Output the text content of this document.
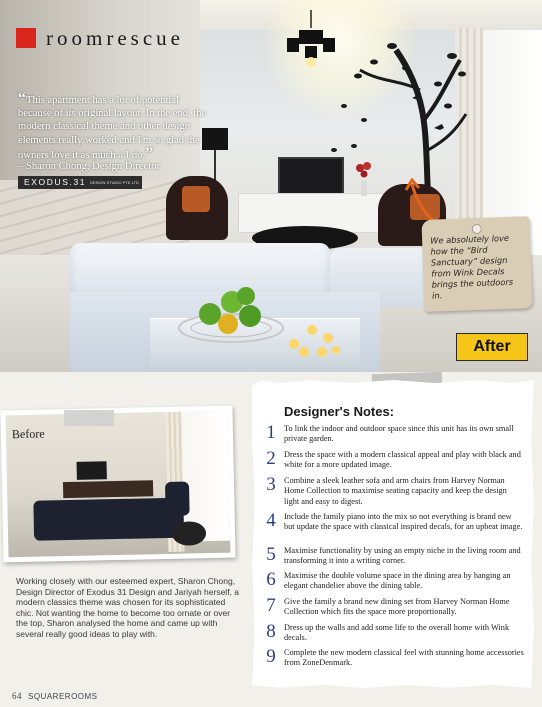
roomrescue
“This apartment has a lot of potential because of its original layout. In the end, the modern classical theme and other design elements really worked and I'm so glad the owners love it as much a I do,”
– Sharon Chong, Design Director
EXODUS.31 DESIGN STUDIO PTE LTD
We absolutely love how the “Bird Sanctuary” design from Wink Decals brings the outdoors in.
After
Before
Working closely with our esteemed expert, Sharon Chong, Design Director of Exodus 31 Design and Jariyah herself, a modern classics theme was chosen for its sophisticated chic. Not wanting the home to become too ornate or over the top, Sharon analysed the home and came up with several really good ideas to play with.
Designer's Notes:
1 To link the indoor and outdoor space since this unit has its own small private garden.
2 Dress the space with a modern classical appeal and play with black and white for a more updated image.
3 Combine a sleek leather sofa and arm chairs from Harvey Norman Home Collection to maximise seating capacity and keep the design light and easy to digest.
4 Include the family piano into the mix so not everything is brand new but update the space with classical inspired decals, for an upbeat image.
5 Maximise functionality by using an empty niche in the living room and transforming it into a writing corner.
6 Maximise the double volume space in the dining area by hanging an elegant chandelier above the dining table.
7 Give the family a brand new dining set from Harvey Norman Home Collection which fits the space more proportionally.
8 Dress up the walls and add some life to the overall home with Wink decals.
9 Complete the new modern classical feel with stunning home accessories from ZoneDenmark.
64 SQUAREROOMS
